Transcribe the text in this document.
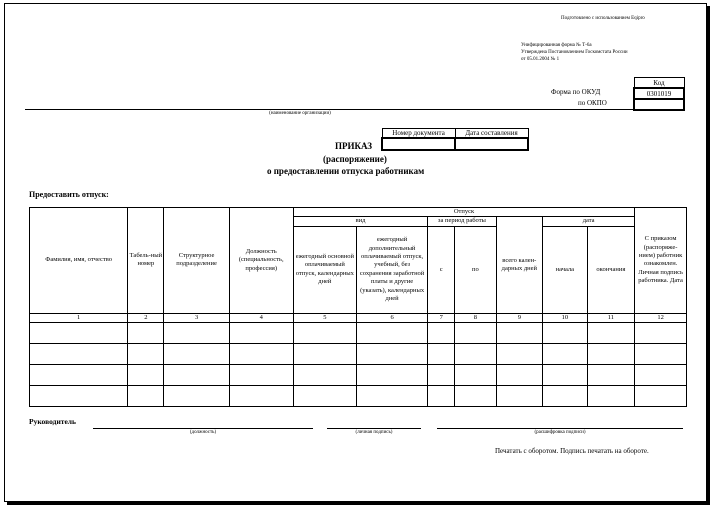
Подготовлено с использованием Eqipro
Унифицированная форма № Т-6а
Утверждена Постановлением Госкомстата России
от 05.01.2004 № 1
Код
0301019

Форма по ОКУД
по ОКПО
(наименование организации)
Номер документа	Дата составления

ПРИКАЗ
(распоряжение)
о предоставлении отпуска работникам
Предоставить отпуск:
Фамилия, имя, отчество	Табель-ный номер	Структурное подразделение	Должность (специальность, профессия)	Отпуск							С приказом (распоряже-нием) работник ознакомлен. Личная подпись работника. Дата
				вид		за период работы		всего кален-дарных дней	дата		
				ежегодный основной оплачиваемый отпуск, календарных дней	ежегодный дополнительный оплачиваемый отпуск, учебный, без сохранения заработной платы и другие (указать), календарных дней	с	по		начала	окончания	
1	2	3	4	5	6	7	8	9	10	11	12

Руководитель
(должность)	(личная подпись)	(расшифровка подписи)
Печатать с оборотом. Подпись печатать на обороте.
